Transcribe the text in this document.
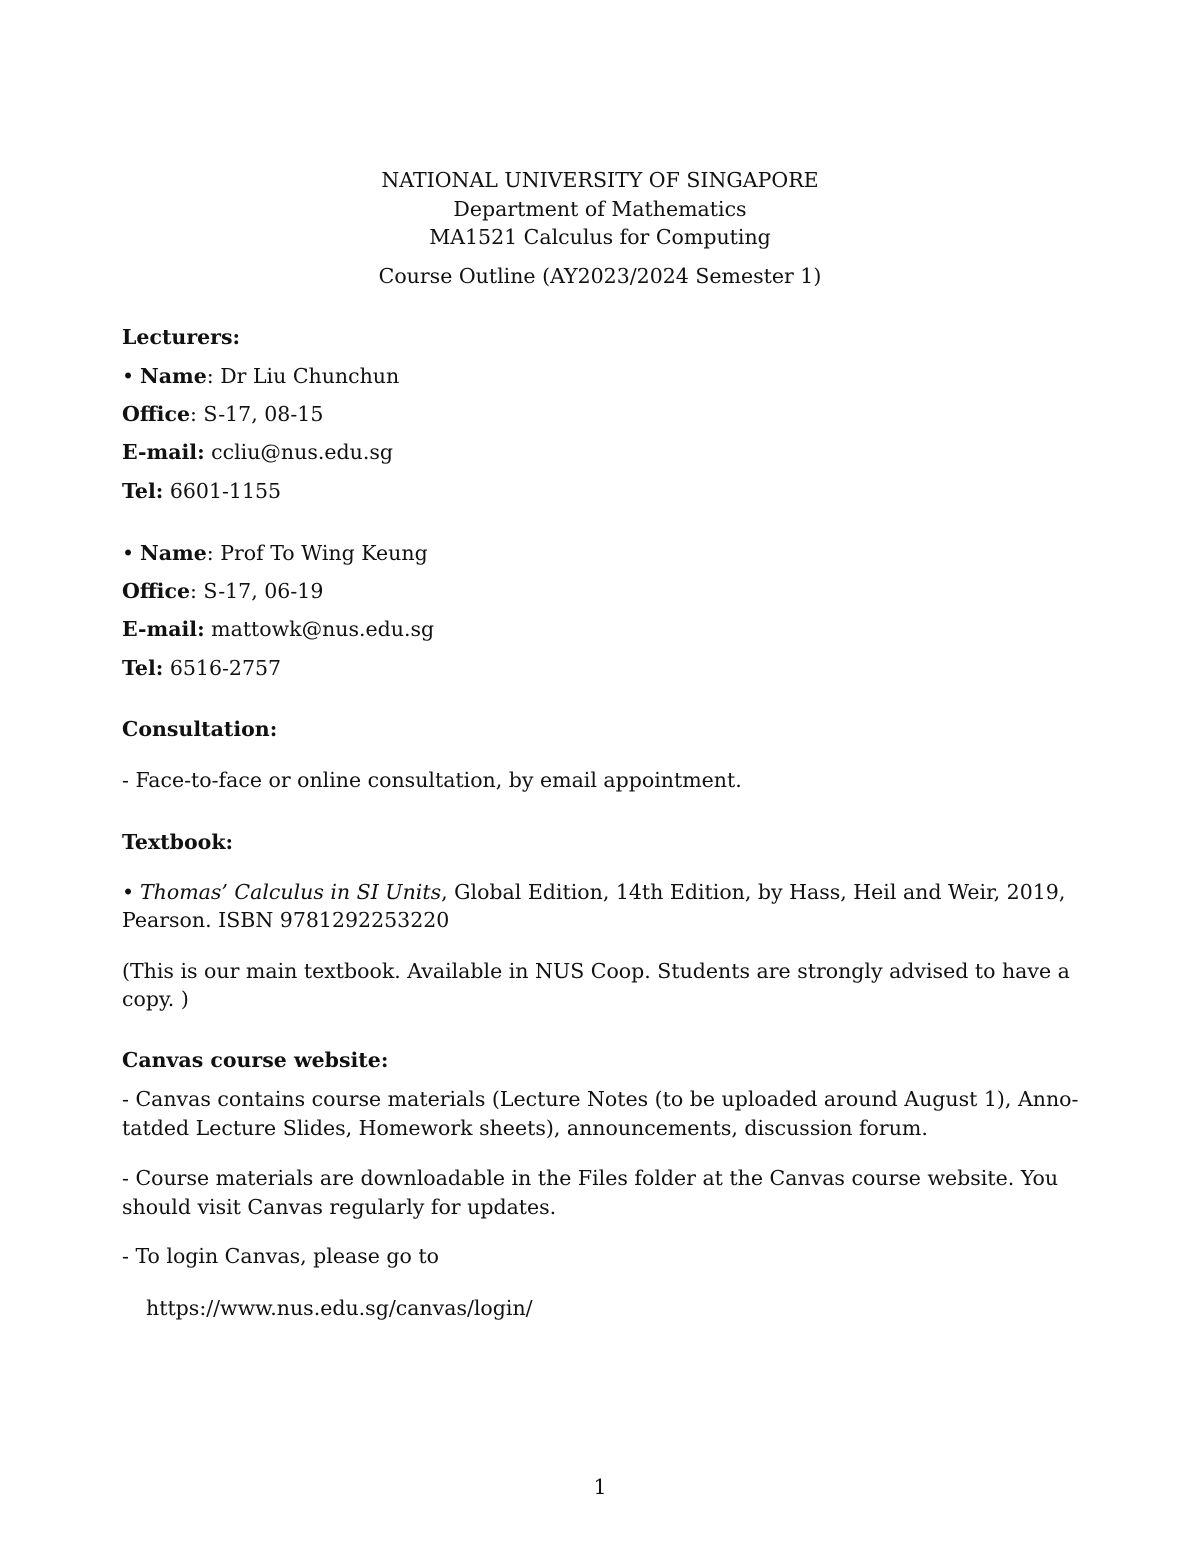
NATIONAL UNIVERSITY OF SINGAPORE
Department of Mathematics
MA1521 Calculus for Computing
Course Outline (AY2023/2024 Semester 1)
Lecturers:
• Name: Dr Liu Chunchun
Office: S-17, 08-15
E-mail: ccliu@nus.edu.sg
Tel: 6601-1155
• Name: Prof To Wing Keung
Office: S-17, 06-19
E-mail: mattowk@nus.edu.sg
Tel: 6516-2757
Consultation:
- Face-to-face or online consultation, by email appointment.
Textbook:
• Thomas’ Calculus in SI Units, Global Edition, 14th Edition, by Hass, Heil and Weir, 2019,
Pearson. ISBN 9781292253220
(This is our main textbook. Available in NUS Coop. Students are strongly advised to have a
copy. )
Canvas course website:
- Canvas contains course materials (Lecture Notes (to be uploaded around August 1), Anno-
tatded Lecture Slides, Homework sheets), announcements, discussion forum.
- Course materials are downloadable in the Files folder at the Canvas course website. You
should visit Canvas regularly for updates.
- To login Canvas, please go to
https://www.nus.edu.sg/canvas/login/
1
